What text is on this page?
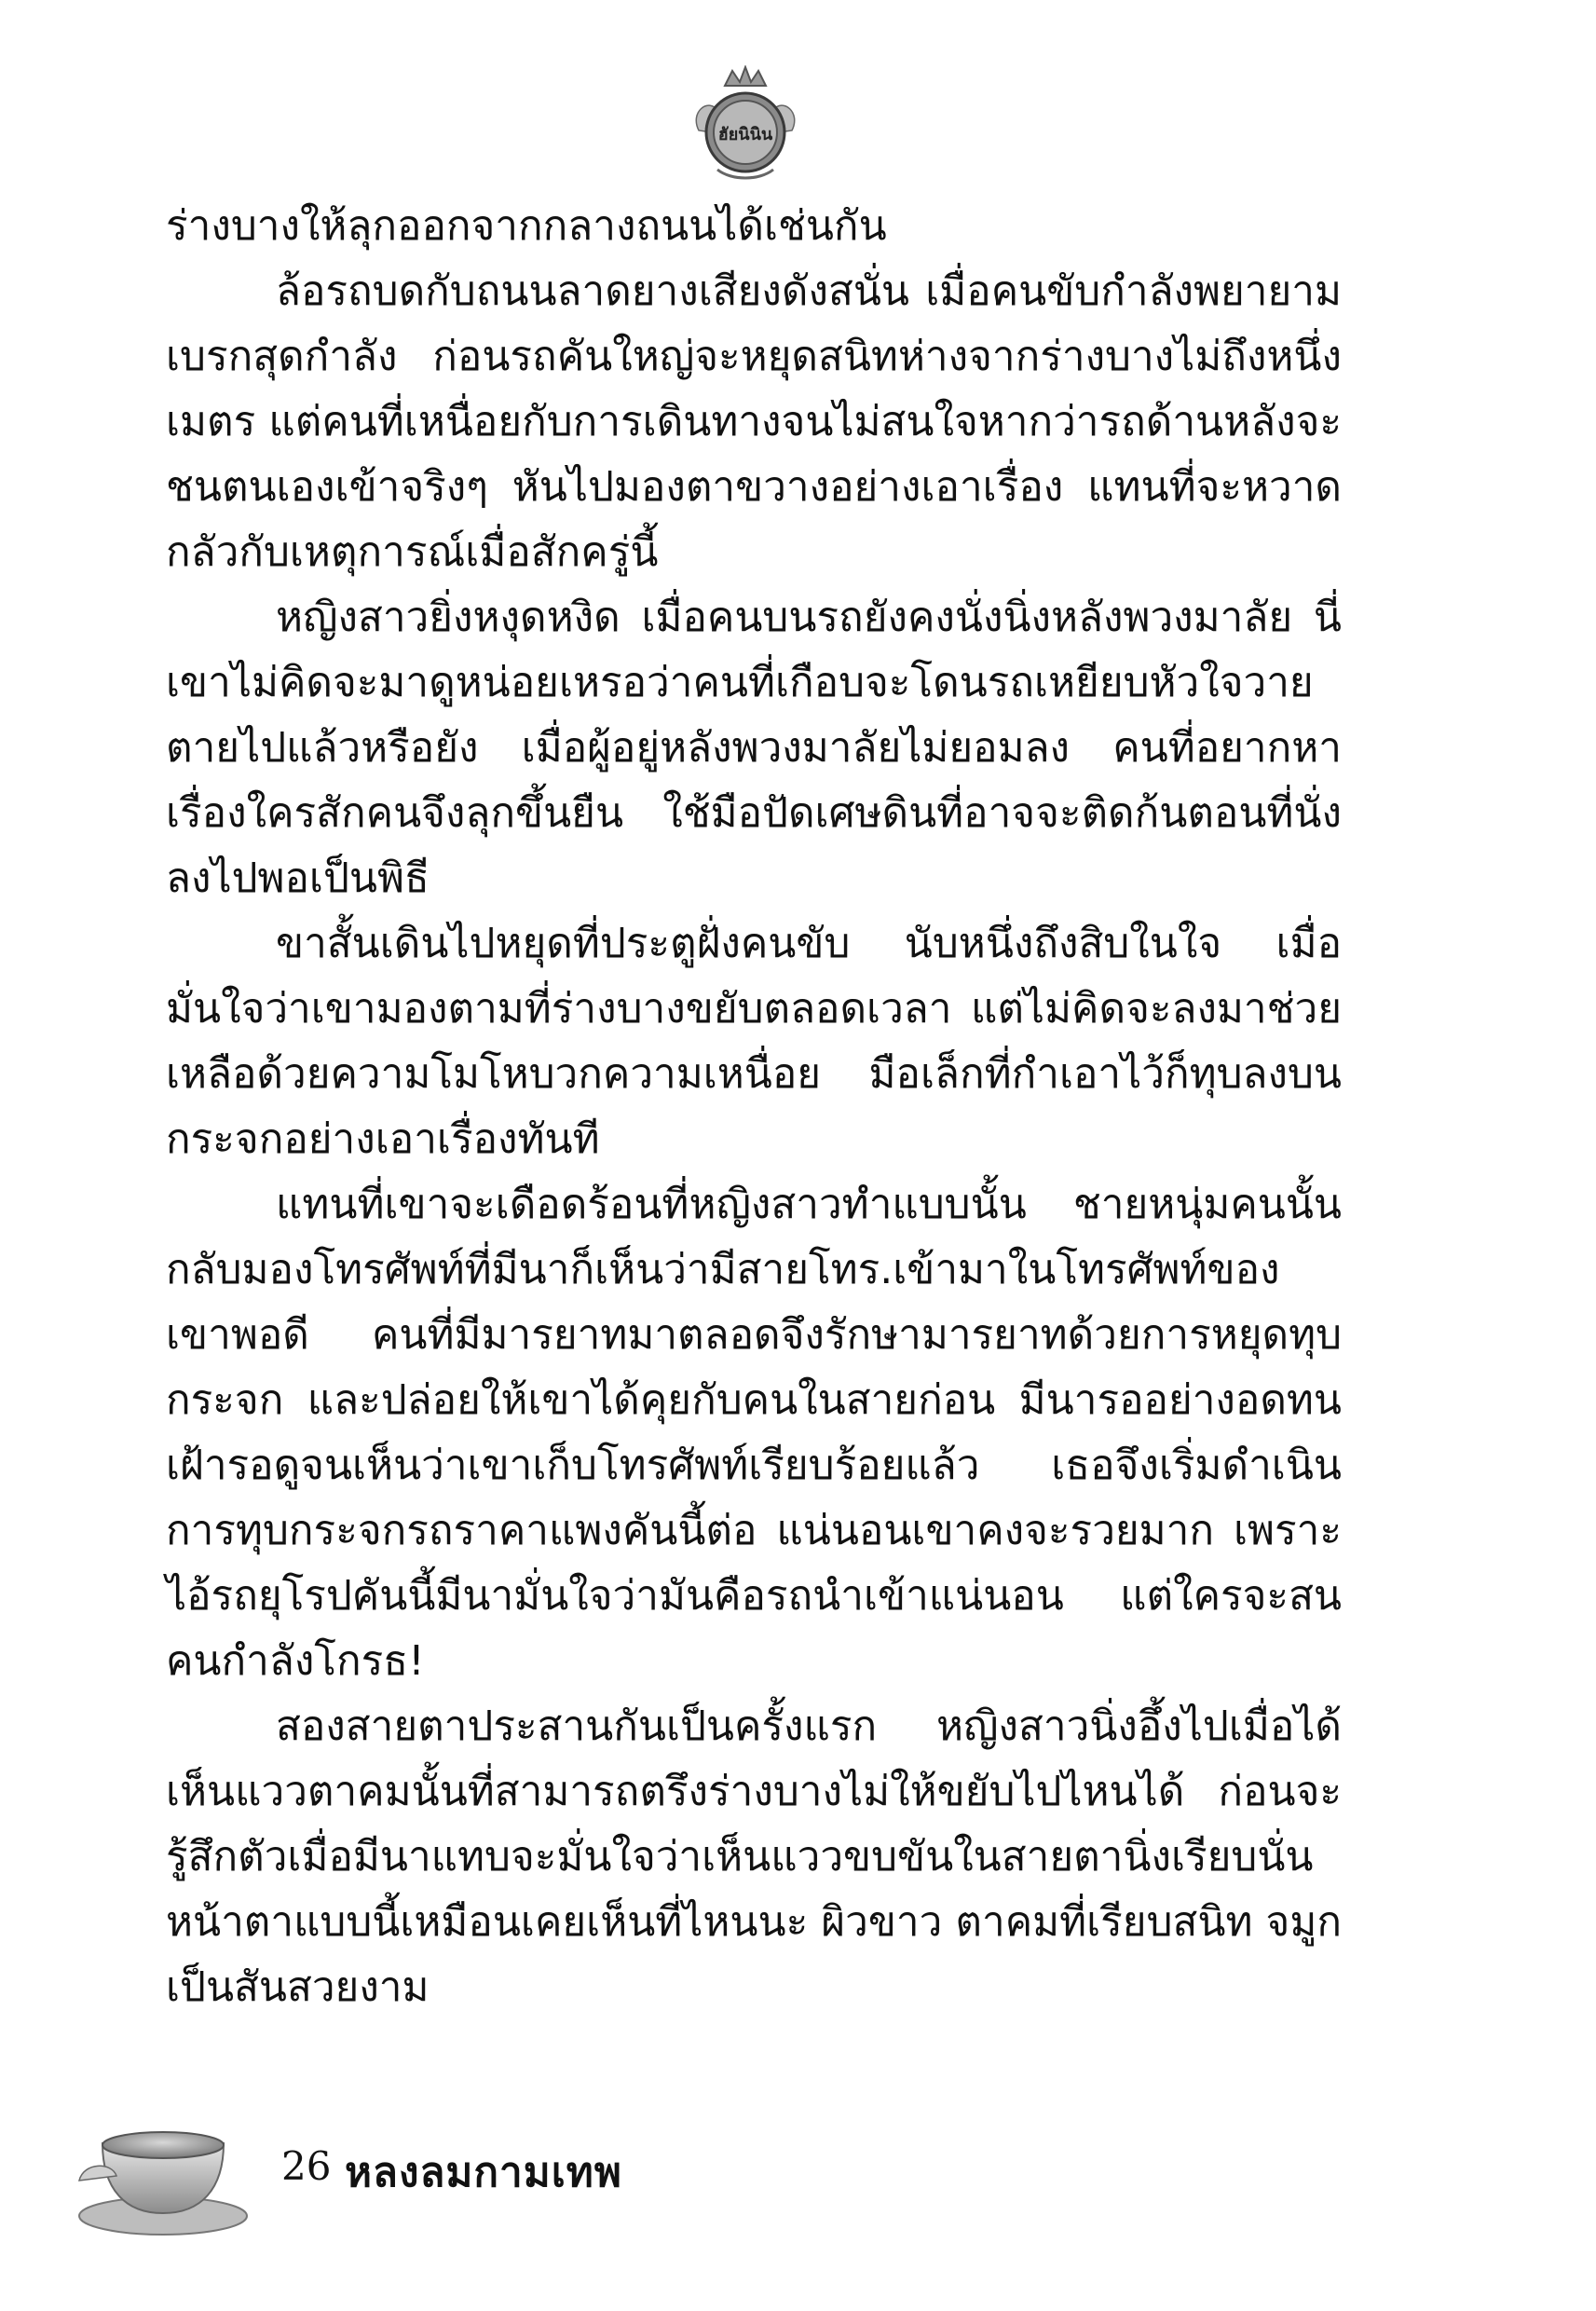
ฮัยนินิน

ร่างบางให้ลุกออกจากกลางถนนได้เช่นกัน

ล้อรถบดกับถนนลาดยางเสียงดังสนั่น เมื่อคนขับกำลังพยายามเบรกสุดกำลัง ก่อนรถคันใหญ่จะหยุดสนิทห่างจากร่างบางไม่ถึงหนึ่งเมตร แต่คนที่เหนื่อยกับการเดินทางจนไม่สนใจหากว่ารถด้านหลังจะชนตนเองเข้าจริงๆ หันไปมองตาขวางอย่างเอาเรื่อง แทนที่จะหวาดกลัวกับเหตุการณ์เมื่อสักครู่นี้

หญิงสาวยิ่งหงุดหงิด เมื่อคนบนรถยังคงนั่งนิ่งหลังพวงมาลัย นี่เขาไม่คิดจะมาดูหน่อยเหรอว่าคนที่เกือบจะโดนรถเหยียบหัวใจวายตายไปแล้วหรือยัง เมื่อผู้อยู่หลังพวงมาลัยไม่ยอมลง คนที่อยากหาเรื่องใครสักคนจึงลุกขึ้นยืน ใช้มือปัดเศษดินที่อาจจะติดก้นตอนที่นั่งลงไปพอเป็นพิธี

ขาสั้นเดินไปหยุดที่ประตูฝั่งคนขับ นับหนึ่งถึงสิบในใจ เมื่อมั่นใจว่าเขามองตามที่ร่างบางขยับตลอดเวลา แต่ไม่คิดจะลงมาช่วยเหลือด้วยความโมโหบวกความเหนื่อย มือเล็กที่กำเอาไว้ก็ทุบลงบนกระจกอย่างเอาเรื่องทันที

แทนที่เขาจะเดือดร้อนที่หญิงสาวทำแบบนั้น ชายหนุ่มคนนั้นกลับมองโทรศัพท์ที่มีนาก็เห็นว่ามีสายโทร.เข้ามาในโทรศัพท์ของเขาพอดี คนที่มีมารยาทมาตลอดจึงรักษามารยาทด้วยการหยุดทุบกระจก และปล่อยให้เขาได้คุยกับคนในสายก่อน มีนารออย่างอดทน เฝ้ารอดูจนเห็นว่าเขาเก็บโทรศัพท์เรียบร้อยแล้ว เธอจึงเริ่มดำเนินการทุบกระจกรถราคาแพงคันนี้ต่อ แน่นอนเขาคงจะรวยมาก เพราะไอ้รถยุโรปคันนี้มีนามั่นใจว่ามันคือรถนำเข้าแน่นอน แต่ใครจะสน คนกำลังโกรธ!

สองสายตาประสานกันเป็นครั้งแรก หญิงสาวนิ่งอึ้งไปเมื่อได้เห็นแววตาคมนั้นที่สามารถตรึงร่างบางไม่ให้ขยับไปไหนได้ ก่อนจะรู้สึกตัวเมื่อมีนาแทบจะมั่นใจว่าเห็นแววขบขันในสายตานิ่งเรียบนั่น หน้าตาแบบนี้เหมือนเคยเห็นที่ไหนนะ ผิวขาว ตาคมที่เรียบสนิท จมูกเป็นสันสวยงาม

26 หลงลมกามเทพ
